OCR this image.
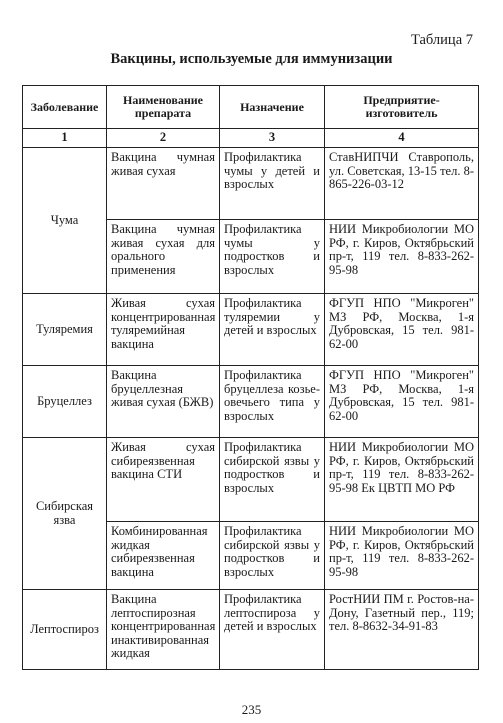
Таблица 7
Вакцины, используемые для иммунизации
Заболевание	Наименование препарата	Назначение	Предприятие-изготовитель
1	2	3	4
Чума	Вакцина чумная живая сухая	Профилактика чумы у детей и взрослых	СтавНИПЧИ Ставрополь, ул. Советская, 13-15 тел. 8-865-226-03-12
	Вакцина чумная живая сухая для орального применения	Профилактика чумы у подростков и взрослых	НИИ Микробиологии МО РФ, г. Киров, Октябрьский пр-т, 119 тел. 8-833-262-95-98
Туляремия	Живая сухая концентрированная туляремийная вакцина	Профилактика туляремии у детей и взрослых	ФГУП НПО "Микроген" МЗ РФ, Москва, 1-я Дубровская, 15 тел. 981-62-00
Бруцеллез	Вакцина бруцеллезная живая сухая (БЖВ)	Профилактика бруцеллеза козье-овечьего типа у взрослых	ФГУП НПО "Микроген" МЗ РФ, Москва, 1-я Дубровская, 15 тел. 981-62-00
Сибирская язва	Живая сухая сибиреязвенная вакцина СТИ	Профилактика сибирской язвы у подростков и взрослых	НИИ Микробиологии МО РФ, г. Киров, Октябрьский пр-т, 119 тел. 8-833-262-95-98 Ек ЦВТП МО РФ
	Комбинированная жидкая сибиреязвенная вакцина	Профилактика сибирской язвы у подростков и взрослых	НИИ Микробиологии МО РФ, г. Киров, Октябрьский пр-т, 119 тел. 8-833-262-95-98
Лептоспироз	Вакцина лептоспирозная концентрированная инактивированная жидкая	Профилактика лептоспироза у детей и взрослых	РостНИИ ПМ г. Ростов-на-Дону, Газетный пер., 119; тел. 8-8632-34-91-83
235
